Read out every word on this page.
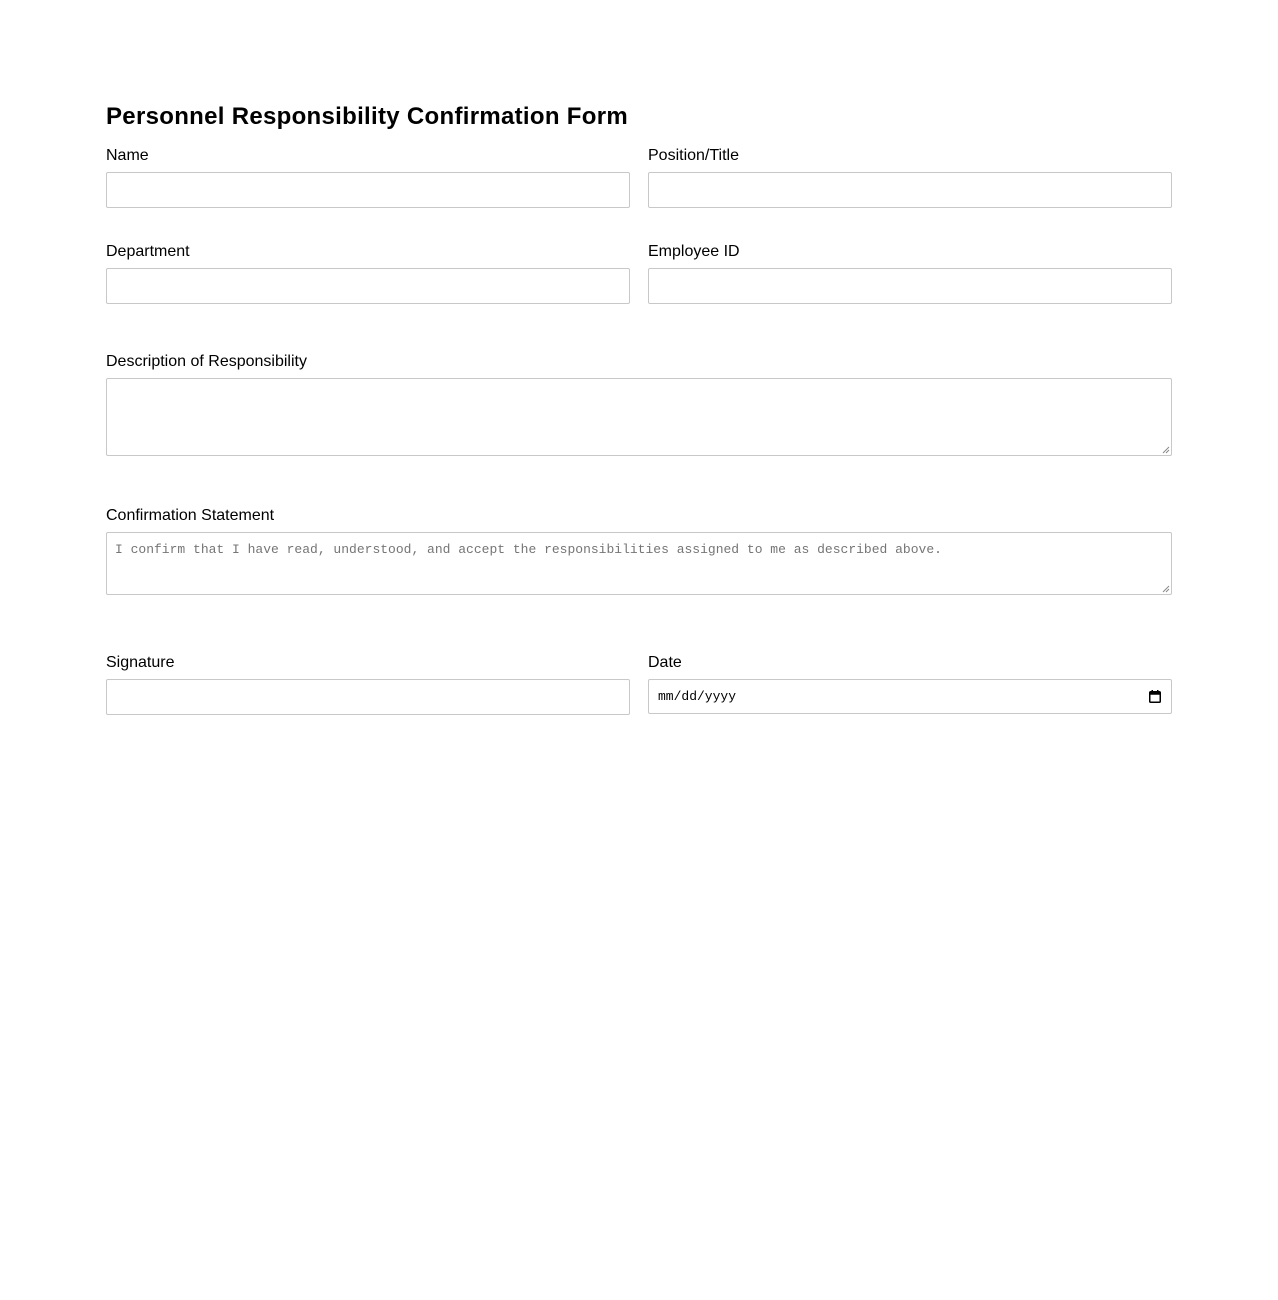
Personnel Responsibility Confirmation Form
Name	Position/Title
Department	Employee ID
Description of Responsibility
Confirmation Statement
I confirm that I have read, understood, and accept the responsibilities assigned to me as described above.
Signature	Date
mm/dd/yyyy
